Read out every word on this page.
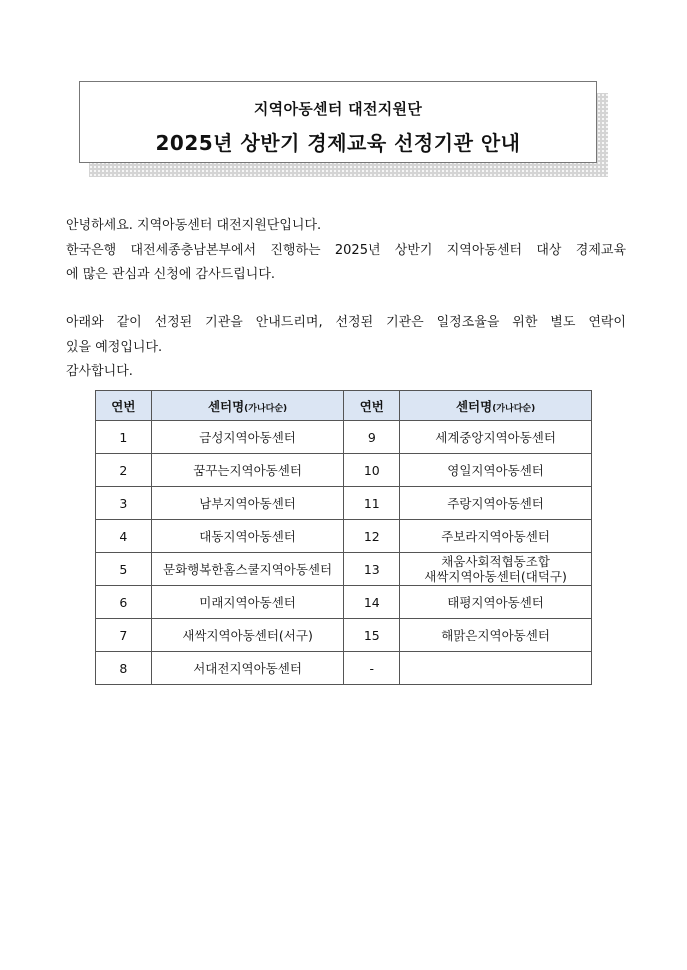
지역아동센터 대전지원단
2025년 상반기 경제교육 선정기관 안내

안녕하세요. 지역아동센터 대전지원단입니다.

한국은행 대전세종충남본부에서 진행하는 2025년 상반기 지역아동센터 대상 경제교육

에 많은 관심과 신청에 감사드립니다.

아래와 같이 선정된 기관을 안내드리며, 선정된 기관은 일정조율을 위한 별도 연락이

있을 예정입니다.

감사합니다.

연번	센터명(가나다순)	연번	센터명(가나다순)
1	금성지역아동센터	9	세계중앙지역아동센터
2	꿈꾸는지역아동센터	10	영일지역아동센터
3	남부지역아동센터	11	주랑지역아동센터
4	대동지역아동센터	12	주보라지역아동센터
5	문화행복한홈스쿨지역아동센터	13	채움사회적협동조합
새싹지역아동센터(대덕구)

6	미래지역아동센터	14	태평지역아동센터
7	새싹지역아동센터(서구)	15	해맑은지역아동센터
8	서대전지역아동센터	-	
